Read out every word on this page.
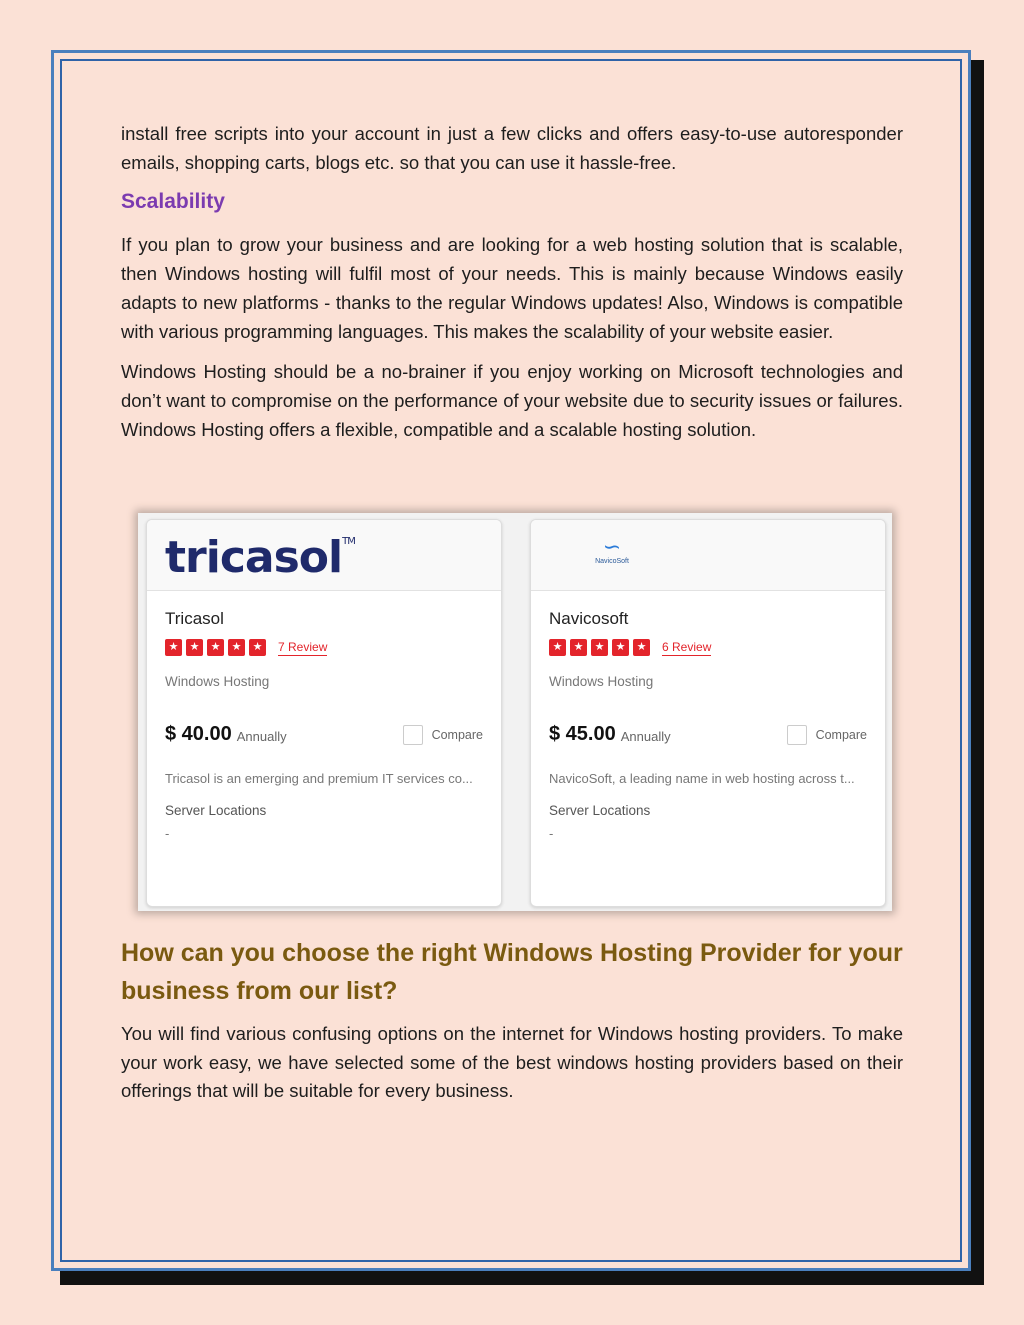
install free scripts into your account in just a few clicks and offers easy-to-use autoresponder emails, shopping carts, blogs etc. so that you can use it hassle-free.

Scalability

If you plan to grow your business and are looking for a web hosting solution that is scalable, then Windows hosting will fulfil most of your needs. This is mainly because Windows easily adapts to new platforms - thanks to the regular Windows updates! Also, Windows is compatible with various programming languages. This makes the scalability of your website easier.

Windows Hosting should be a no-brainer if you enjoy working on Microsoft technologies and don’t want to compromise on the performance of your website due to security issues or failures. Windows Hosting offers a flexible, compatible and a scalable hosting solution.

tricasol™
Tricasol
★	★	★	★	★ 7 Review
Windows Hosting
$ 40.00 Annually	Compare
Tricasol is an emerging and premium IT services co...
Server Locations
-
∽
NavicoSoft
Navicosoft
★	★	★	★	★ 6 Review
Windows Hosting
$ 45.00 Annually	Compare
NavicoSoft, a leading name in web hosting across t...
Server Locations
-
How can you choose the right Windows Hosting Provider for your business from our list?

You will find various confusing options on the internet for Windows hosting providers. To make your work easy, we have selected some of the best windows hosting providers based on their offerings that will be suitable for every business.
